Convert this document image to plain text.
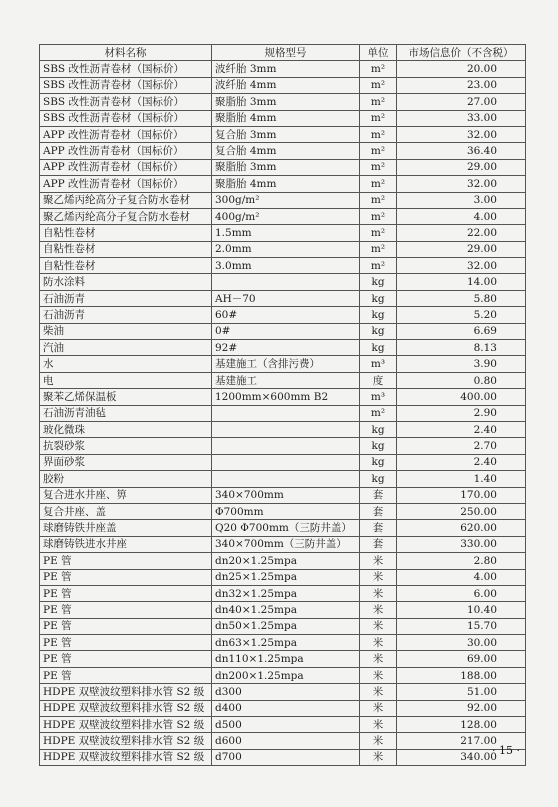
材料名称	规格型号	单位	市场信息价（不含税）
SBS 改性沥青卷材（国标价）	波纤胎 3mm	m²	20.00
SBS 改性沥青卷材（国标价）	波纤胎 4mm	m²	23.00
SBS 改性沥青卷材（国标价）	聚脂胎 3mm	m²	27.00
SBS 改性沥青卷材（国标价）	聚脂胎 4mm	m²	33.00
APP 改性沥青卷材（国标价）	复合胎 3mm	m²	32.00
APP 改性沥青卷材（国标价）	复合胎 4mm	m²	36.40
APP 改性沥青卷材（国标价）	聚脂胎 3mm	m²	29.00
APP 改性沥青卷材（国标价）	聚脂胎 4mm	m²	32.00
聚乙烯丙纶高分子复合防水卷材	300g/m²	m²	3.00
聚乙烯丙纶高分子复合防水卷材	400g/m²	m²	4.00
自粘性卷材	1.5mm	m²	22.00
自粘性卷材	2.0mm	m²	29.00
自粘性卷材	3.0mm	m²	32.00
防水涂料		kg	14.00
石油沥青	AH－70	kg	5.80
石油沥青	60#	kg	5.20
柴油	0#	kg	6.69
汽油	92#	kg	8.13
水	基建施工（含排污费）	m³	3.90
电	基建施工	度	0.80
聚苯乙烯保温板	1200mm×600mm B2	m³	400.00
石油沥青油毡		m²	2.90
玻化微珠		kg	2.40
抗裂砂浆		kg	2.70
界面砂浆		kg	2.40
胶粉		kg	1.40
复合进水井座、箅	340×700mm	套	170.00
复合井座、盖	Φ700mm	套	250.00
球磨铸铁井座盖	Q20 Φ700mm（三防井盖）	套	620.00
球磨铸铁进水井座	340×700mm（三防井盖）	套	330.00
PE 管	dn20×1.25mpa	米	2.80
PE 管	dn25×1.25mpa	米	4.00
PE 管	dn32×1.25mpa	米	6.00
PE 管	dn40×1.25mpa	米	10.40
PE 管	dn50×1.25mpa	米	15.70
PE 管	dn63×1.25mpa	米	30.00
PE 管	dn110×1.25mpa	米	69.00
PE 管	dn200×1.25mpa	米	188.00
HDPE 双壁波纹塑料排水管 S2 级	d300	米	51.00
HDPE 双壁波纹塑料排水管 S2 级	d400	米	92.00
HDPE 双壁波纹塑料排水管 S2 级	d500	米	128.00
HDPE 双壁波纹塑料排水管 S2 级	d600	米	217.00
HDPE 双壁波纹塑料排水管 S2 级	d700	米	340.00
· 15 ·
